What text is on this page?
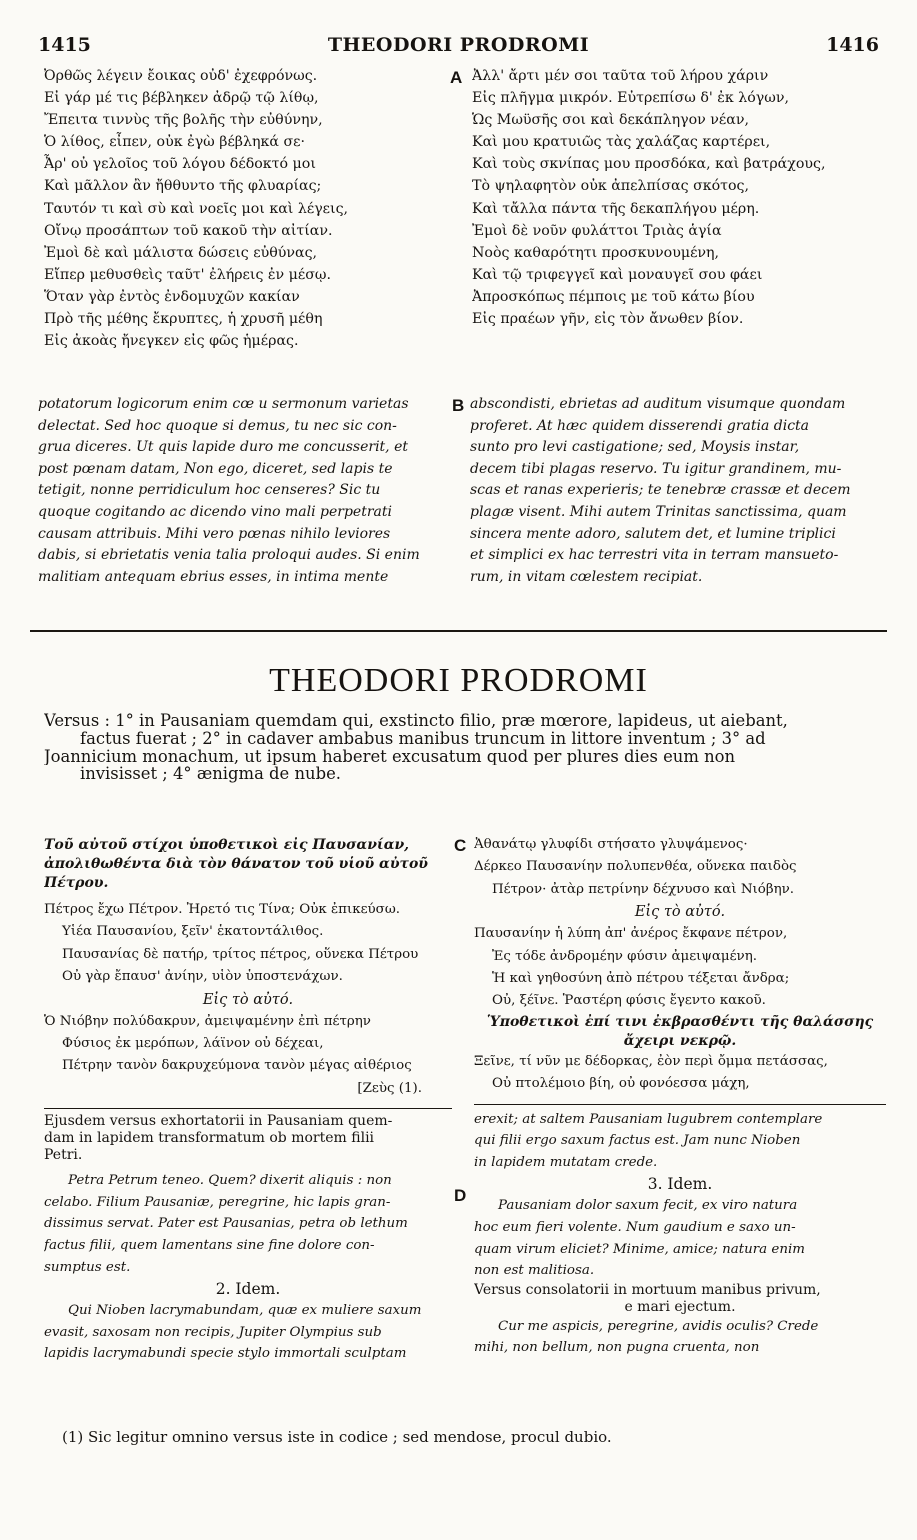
1415	THEODORI PRODROMI	1416
Ὀρθῶς λέγειν ἔοικας οὐδ' ἐχεφρόνως.
Εἰ γάρ μέ τις βέβληκεν ἀδρῷ τῷ λίθῳ,
Ἔπειτα τιννὺς τῆς βολῆς τὴν εὐθύνην,
Ὁ λίθος, εἶπεν, οὐκ ἐγὼ βέβληκά σε·
Ἆρ' οὐ γελοῖος τοῦ λόγου δέδοκτό μοι
Καὶ μᾶλλον ἂν ἤθθυντο τῆς φλυαρίας;
Ταυτόν τι καὶ σὺ καὶ νοεῖς μοι καὶ λέγεις,
Οἴνῳ προσάπτων τοῦ κακοῦ τὴν αἰτίαν.
Ἐμοὶ δὲ καὶ μάλιστα δώσεις εὐθύνας,
Εἴπερ μεθυσθεὶς ταῦτ' ἐλήρεις ἐν μέσῳ.
Ὅταν γὰρ ἐντὸς ἐνδομυχῶν κακίαν
Πρὸ τῆς μέθης ἔκρυπτες, ἡ χρυσῆ μέθη
Εἰς ἀκοὰς ἤνεγκεν εἰς φῶς ἡμέρας.
A Ἀλλ' ἄρτι μέν σοι ταῦτα τοῦ λήρου χάριν
Εἰς πλῆγμα μικρόν. Εὐτρεπίσω δ' ἐκ λόγων,
Ὡς Μωϋσῆς σοι καὶ δεκάπληγον νέαν,
Καὶ μου κρατυιῶς τὰς χαλάζας καρτέρει,
Καὶ τοὺς σκνίπας μου προσδόκα, καὶ βατράχους,
Τὸ ψηλαφητὸν οὐκ ἀπελπίσας σκότος,
Καὶ τἄλλα πάντα τῆς δεκαπλήγου μέρη.
Ἐμοὶ δὲ νοῦν φυλάττοι Τριὰς ἁγία
Νοὸς καθαρότητι προσκυνουμένη,
Καὶ τῷ τριφεγγεῖ καὶ μοναυγεῖ σου φάει
Ἀπροσκόπως πέμποις με τοῦ κάτω βίου
Εἰς πραέων γῆν, εἰς τὸν ἄνωθεν βίον.
potatorum logicorum enim cœ u sermonum varietas
delectat. Sed hoc quoque si demus, tu nec sic con-
grua diceres. Ut quis lapide duro me concusserit, et
post pœnam datam, Non ego, diceret, sed lapis te
tetigit, nonne perridiculum hoc censeres? Sic tu
quoque cogitando ac dicendo vino mali perpetrati
causam attribuis. Mihi vero pœnas nihilo leviores
dabis, si ebrietatis venia talia proloqui audes. Si enim
malitiam antequam ebrius esses, in intima mente
B abscondisti, ebrietas ad auditum visumque quondam
proferet. At hæc quidem disserendi gratia dicta
sunto pro levi castigatione; sed, Moysis instar,
decem tibi plagas reservo. Tu igitur grandinem, mu-
scas et ranas experieris; te tenebræ crassæ et decem
plagæ visent. Mihi autem Trinitas sanctissima, quam
sincera mente adoro, salutem det, et lumine triplici
et simplici ex hac terrestri vita in terram mansueto-
rum, in vitam cœlestem recipiat.
THEODORI PRODROMI
Versus : 1° in Pausaniam quemdam qui, exstincto filio, præ mœrore, lapideus, ut aiebant,
factus fuerat ; 2° in cadaver ambabus manibus truncum in littore inventum ; 3° ad
Joannicium monachum, ut ipsum haberet excusatum quod per plures dies eum non
invisisset ; 4° ænigma de nube.
Τοῦ αὐτοῦ στίχοι ὑποθετικοὶ εἰς Παυσανίαν,
ἀπολιθωθέντα διὰ τὸν θάνατον τοῦ υἱοῦ αὐτοῦ
Πέτρου.
Πέτρος ἔχω Πέτρον. Ἠρετό τις Τίνα; Οὐκ ἐπικεύσω.
Υἱέα Παυσανίου, ξεῖν' ἑκατοντάλιθος.
Παυσανίας δὲ πατήρ, τρίτος πέτρος, οὕνεκα Πέτρου
Οὐ γὰρ ἔπαυσ' ἀνίην, υἱὸν ὑποστενάχων.
Εἰς τὸ αὐτό.
Ὁ Νιόβην πολύδακρυν, ἀμειψαμένην ἐπὶ πέτρην
Φύσιος ἐκ μερόπων, λάϊνον οὐ δέχεαι,
Πέτρην τανὸν δακρυχεύμονα τανὸν μέγας αἰθέριος
[Ζεὺς (1).
Ejusdem versus exhortatorii in Pausaniam quem-
dam in lapidem transformatum ob mortem filii
Petri.
Petra Petrum teneo. Quem? dixerit aliquis : non
celabo. Filium Pausaniæ, peregrine, hic lapis gran-
dissimus servat. Pater est Pausanias, petra ob lethum
factus filii, quem lamentans sine fine dolore con-
sumptus est.
2. Idem.
Qui Nioben lacrymabundam, quæ ex muliere saxum
evasit, saxosam non recipis, Jupiter Olympius sub
lapidis lacrymabundi specie stylo immortali sculptam
C
D
Ἀθανάτῳ γλυφίδι στήσατο γλυψάμενος·
Δέρκεο Παυσανίην πολυπενθέα, οὕνεκα παιδὸς
Πέτρον· ἀτὰρ πετρίνην δέχνυσο καὶ Νιόβην.
Εἰς τὸ αὐτό.
Παυσανίην ἡ λύπη ἀπ' ἀνέρος ἔκφανε πέτρον,
Ἐς τόδε ἀνδρομέην φύσιν ἀμειψαμένη.
Ἡ καὶ γηθοσύνη ἀπὸ πέτρου τέξεται ἄνδρα;
Οὐ, ξέῖνε. Ῥαστέρη φύσις ἔγεντο κακοῦ.
Ὑποθετικοὶ ἐπί τινι ἐκβρασθέντι τῆς θαλάσσης
ἄχειρι νεκρῷ.
Ξεῖνε, τί νῦν με δέδορκας, ἐὸν περὶ ὄμμα πετάσσας,
Οὐ πτολέμοιο βίη, οὐ φονόεσσα μάχη,
erexit; at saltem Pausaniam lugubrem contemplare
qui filii ergo saxum factus est. Jam nunc Nioben
in lapidem mutatam crede.
3. Idem.
Pausaniam dolor saxum fecit, ex viro natura
hoc eum fieri volente. Num gaudium e saxo un-
quam virum eliciet? Minime, amice; natura enim
non est malitiosa.
Versus consolatorii in mortuum manibus privum,
e mari ejectum.
Cur me aspicis, peregrine, avidis oculis? Crede
mihi, non bellum, non pugna cruenta, non
(1) Sic legitur omnino versus iste in codice ; sed mendose, procul dubio.
